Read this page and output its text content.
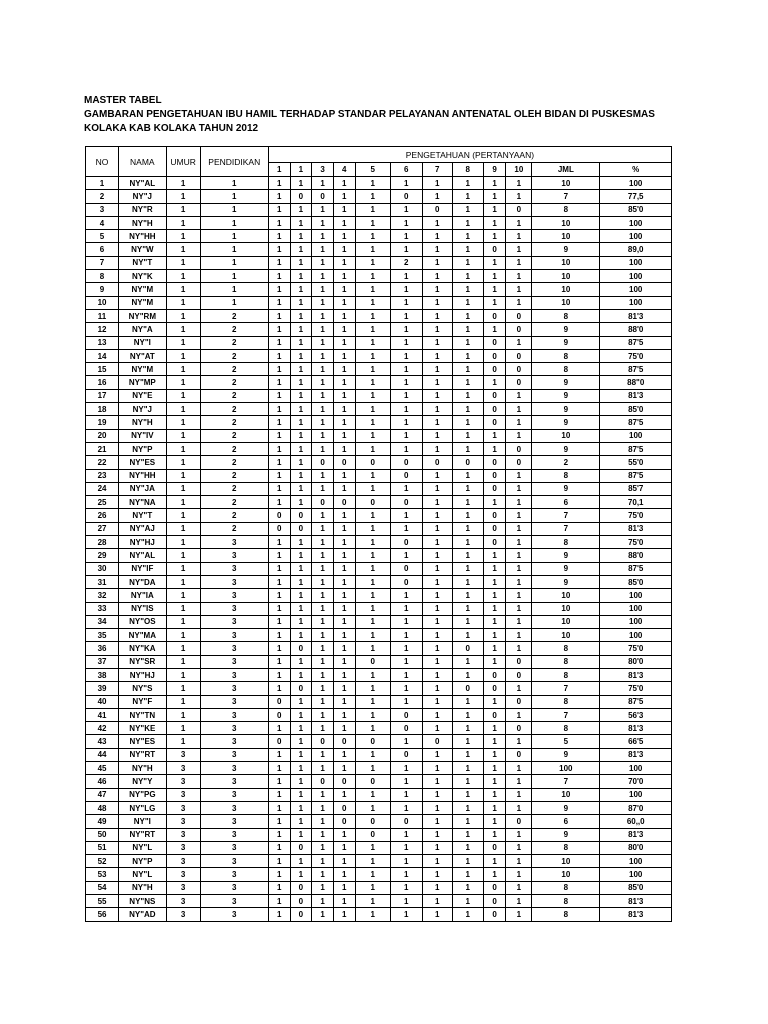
MASTER TABEL
GAMBARAN PENGETAHUAN IBU HAMIL TERHADAP STANDAR PELAYANAN ANTENATAL OLEH BIDAN DI PUSKESMAS
KOLAKA KAB KOLAKA TAHUN 2012
NO	NAMA	UMUR	PENDIDIKAN	PENGETAHUAN (PERTANYAAN)											
				1	1	3	4	5	6	7	8	9	10	JML	%
1	NY"AL	1	1	1	1	1	1	1	1	1	1	1	1	10	100
2	NY"J	1	1	1	0	0	1	1	0	1	1	1	1	7	77,5
3	NY"R	1	1	1	1	1	1	1	1	0	1	1	0	8	85'0
4	NY"H	1	1	1	1	1	1	1	1	1	1	1	1	10	100
5	NY"HH	1	1	1	1	1	1	1	1	1	1	1	1	10	100
6	NY"W	1	1	1	1	1	1	1	1	1	1	0	1	9	89,0
7	NY"T	1	1	1	1	1	1	1	2	1	1	1	1	10	100
8	NY"K	1	1	1	1	1	1	1	1	1	1	1	1	10	100
9	NY"M	1	1	1	1	1	1	1	1	1	1	1	1	10	100
10	NY"M	1	1	1	1	1	1	1	1	1	1	1	1	10	100
11	NY"RM	1	2	1	1	1	1	1	1	1	1	0	0	8	81'3
12	NY"A	1	2	1	1	1	1	1	1	1	1	1	0	9	88'0
13	NY"I	1	2	1	1	1	1	1	1	1	1	0	1	9	87'5
14	NY"AT	1	2	1	1	1	1	1	1	1	1	0	0	8	75'0
15	NY"M	1	2	1	1	1	1	1	1	1	1	0	0	8	87'5
16	NY"MP	1	2	1	1	1	1	1	1	1	1	1	0	9	88"0
17	NY"E	1	2	1	1	1	1	1	1	1	1	0	1	9	81'3
18	NY"J	1	2	1	1	1	1	1	1	1	1	0	1	9	85'0
19	NY"H	1	2	1	1	1	1	1	1	1	1	0	1	9	87'5
20	NY"IV	1	2	1	1	1	1	1	1	1	1	1	1	10	100
21	NY"P	1	2	1	1	1	1	1	1	1	1	1	0	9	87'5
22	NY"ES	1	2	1	1	0	0	0	0	0	0	0	0	2	55'0
23	NY"HH	1	2	1	1	1	1	1	0	1	1	0	1	8	87'5
24	NY"JA	1	2	1	1	1	1	1	1	1	1	0	1	9	85'7
25	NY"NA	1	2	1	1	0	0	0	0	1	1	1	1	6	70,1
26	NY"T	1	2	0	0	1	1	1	1	1	1	0	1	7	75'0
27	NY"AJ	1	2	0	0	1	1	1	1	1	1	0	1	7	81'3
28	NY"HJ	1	3	1	1	1	1	1	0	1	1	0	1	8	75'0
29	NY"AL	1	3	1	1	1	1	1	1	1	1	1	1	9	88'0
30	NY"IF	1	3	1	1	1	1	1	0	1	1	1	1	9	87'5
31	NY"DA	1	3	1	1	1	1	1	0	1	1	1	1	9	85'0
32	NY"IA	1	3	1	1	1	1	1	1	1	1	1	1	10	100
33	NY"IS	1	3	1	1	1	1	1	1	1	1	1	1	10	100
34	NY"OS	1	3	1	1	1	1	1	1	1	1	1	1	10	100
35	NY"MA	1	3	1	1	1	1	1	1	1	1	1	1	10	100
36	NY"KA	1	3	1	0	1	1	1	1	1	0	1	1	8	75'0
37	NY"SR	1	3	1	1	1	1	0	1	1	1	1	0	8	80'0
38	NY"HJ	1	3	1	1	1	1	1	1	1	1	0	0	8	81'3
39	NY"S	1	3	1	0	1	1	1	1	1	0	0	1	7	75'0
40	NY"F	1	3	0	1	1	1	1	1	1	1	1	0	8	87'5
41	NY"TN	1	3	0	1	1	1	1	0	1	1	0	1	7	56'3
42	NY"KE	1	3	1	1	1	1	1	0	1	1	1	0	8	81'3
43	NY"ES	1	3	0	1	0	0	0	1	0	1	1	1	5	66'5
44	NY"RT	3	3	1	1	1	1	1	0	1	1	1	0	9	81'3
45	NY"H	3	3	1	1	1	1	1	1	1	1	1	1	100	100
46	NY"Y	3	3	1	1	0	0	0	1	1	1	1	1	7	70'0
47	NY"PG	3	3	1	1	1	1	1	1	1	1	1	1	10	100
48	NY"LG	3	3	1	1	1	0	1	1	1	1	1	1	9	87'0
49	NY"I	3	3	1	1	1	0	0	0	1	1	1	0	6	60,,0
50	NY"RT	3	3	1	1	1	1	0	1	1	1	1	1	9	81'3
51	NY"L	3	3	1	0	1	1	1	1	1	1	0	1	8	80'0
52	NY"P	3	3	1	1	1	1	1	1	1	1	1	1	10	100
53	NY"L	3	3	1	1	1	1	1	1	1	1	1	1	10	100
54	NY"H	3	3	1	0	1	1	1	1	1	1	0	1	8	85'0
55	NY"NS	3	3	1	0	1	1	1	1	1	1	0	1	8	81'3
56	NY"AD	3	3	1	0	1	1	1	1	1	1	0	1	8	81'3
